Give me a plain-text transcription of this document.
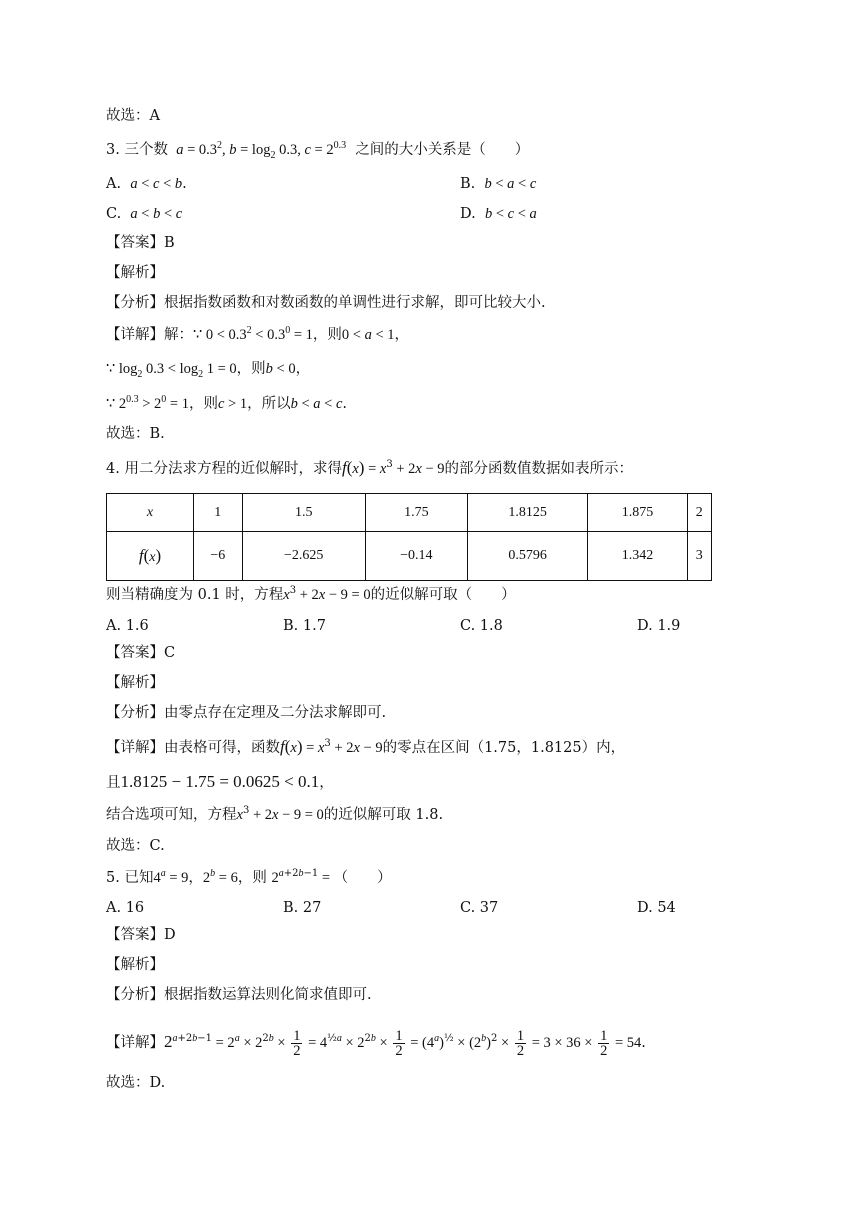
故选：A
3. 三个数  $a = 0.3^2$, $b = \log_2 0.3$, $c = 2^{0.3}$ 之间的大小关系是（　　）
A. a < c < b.	B. b < a < c
C. a < b < c	D. b < c < a
【答案】B
【解析】
【分析】根据指数函数和对数函数的单调性进行求解，即可比较大小.
【详解】解：∵ $0 < 0.3^2 < 0.3^0 = 1$，则0 < a < 1，
∵ $\log_2 0.3 < \log_2 1 = 0$，则b < 0，
∵ $2^{0.3} > 2^0 = 1$，则c > 1，所以b < a < c.
故选：B.
4. 用二分法求方程的近似解时，求得$f(x) = x^3 + 2x - 9$的部分函数值数据如表所示：
x	1	1.5	1.75	1.8125	1.875	2
f(x)	−6	−2.625	−0.14	0.5796	1.342	3
则当精确度为 0.1 时，方程$x^3 + 2x - 9 = 0$的近似解可取（　　）
A. 1.6	B. 1.7	C. 1.8	D. 1.9
【答案】C
【解析】
【分析】由零点存在定理及二分法求解即可.
【详解】由表格可得，函数$f(x) = x^3 + 2x - 9$的零点在区间（1.75，1.8125）内，
且1.8125 − 1.75 = 0.0625 < 0.1，
结合选项可知，方程$x^3 + 2x - 9 = 0$的近似解可取 1.8.
故选：C.
5. 已知$4^a = 9$，$2^b = 6$，则 $2^{a+2b-1}$ = （　　）
A. 16	B. 27	C. 37	D. 54
【答案】D
【解析】
【分析】根据指数运算法则化简求值即可.
【详解】$2^{a+2b-1} = 2^a \times 2^{2b} \times \frac{1}{2} = 4^{\frac{1}{2}a} \times 2^{2b} \times \frac{1}{2} = (4^a)^{\frac{1}{2}} \times (2^b)^2 \times \frac{1}{2} = 3 \times 36 \times \frac{1}{2} = 54$.
故选：D.
